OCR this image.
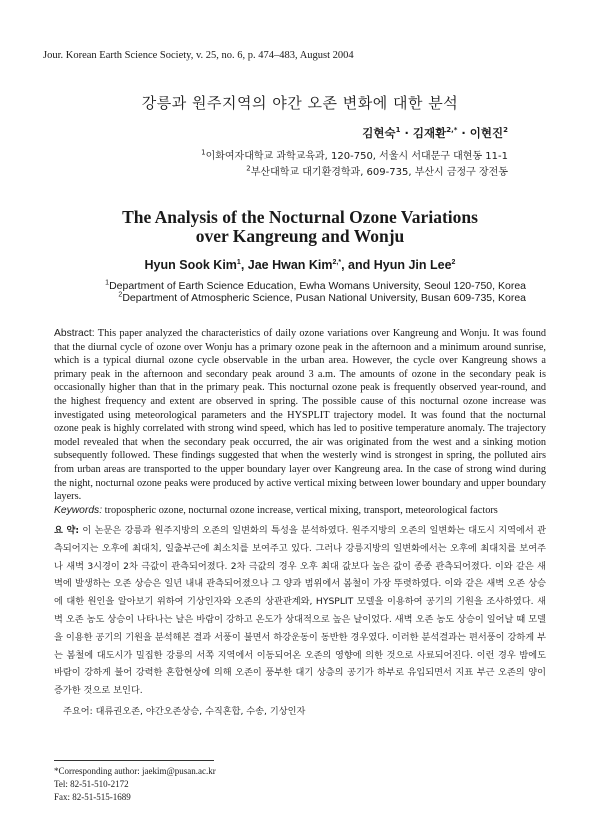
Jour. Korean Earth Science Society, v. 25, no. 6, p. 474–483, August 2004
강릉과 원주지역의 야간 오존 변화에 대한 분석
김현숙$^1$ · 김재환$^{2,*}$ · 이현진$^2$
$^1$이화여자대학교 과학교육과, 120-750, 서울시 서대문구 대현동 11-1
$^2$부산대학교 대기환경학과, 609-735, 부산시 금정구 장전동
The Analysis of the Nocturnal Ozone Variations
over Kangreung and Wonju
Hyun Sook Kim$^1$, Jae Hwan Kim$^{2,*}$, and Hyun Jin Lee$^2$
$^1$Department of Earth Science Education, Ewha Womans University, Seoul 120-750, Korea
$^2$Department of Atmospheric Science, Pusan National University, Busan 609-735, Korea
Abstract: This paper analyzed the characteristics of daily ozone variations over Kangreung and Wonju. It was found that the diurnal cycle of ozone over Wonju has a primary ozone peak in the afternoon and a minimum around sunrise, which is a typical diurnal ozone cycle observable in the urban area. However, the cycle over Kangreung shows a primary peak in the afternoon and secondary peak around 3 a.m. The amounts of ozone in the secondary peak is occasionally higher than that in the primary peak. This nocturnal ozone peak is frequently observed year-round, and the highest frequency and extent are observed in spring. The possible cause of this nocturnal ozone increase was investigated using meteorological parameters and the HYSPLIT trajectory model. It was found that the nocturnal ozone peak is highly correlated with strong wind speed, which has led to positive temperature anomaly. The trajectory model revealed that when the secondary peak occurred, the air was originated from the west and a sinking motion subsequently followed. These findings suggested that when the westerly wind is strongest in spring, the polluted airs from urban areas are transported to the upper boundary layer over Kangreung area. In the case of strong wind during the night, nocturnal ozone peaks were produced by active vertical mixing between lower boundary and upper boundary layers.
Keywords: tropospheric ozone, nocturnal ozone increase, vertical mixing, transport, meteorological factors
요 약: 이 논문은 강릉과 원주지방의 오존의 일변화의 특성을 분석하였다. 원주지방의 오존의 일변화는 대도시 지역에서 관측되어지는 오후에 최대치, 일출부근에 최소치를 보여주고 있다. 그러나 강릉지방의 일변화에서는 오후에 최대치를 보여주나 새벽 3시경이 2차 극값이 관측되어졌다. 2차 극값의 경우 오후 최대 값보다 높은 값이 종종 관측되어졌다. 이와 같은 새벽에 발생하는 오존 상승은 일년 내내 관측되어졌으나 그 양과 범위에서 봄철이 가장 뚜렷하였다. 이와 같은 새벽 오존 상승에 대한 원인을 알아보기 위하여 기상인자와 오존의 상관관계와, HYSPLIT 모델을 이용하여 공기의 기원을 조사하였다. 새벽 오존 농도 상승이 나타나는 날은 바람이 강하고 온도가 상대적으로 높은 날이었다. 새벽 오존 농도 상승이 일어날 때 모델을 이용한 공기의 기원을 분석해본 결과 서풍이 불면서 하강운동이 동반한 경우였다. 이러한 분석결과는 편서풍이 강하게 부는 봄철에 대도시가 밀집한 강릉의 서쪽 지역에서 이동되어온 오존의 영향에 의한 것으로 사료되어진다. 이런 경우 밤에도 바람이 강하게 불어 강력한 혼합현상에 의해 오존이 풍부한 대기 상층의 공기가 하부로 유입되면서 지표 부근 오존의 양이 증가한 것으로 보인다.
주요어: 대류권오존, 야간오존상승, 수직혼합, 수송, 기상인자
*Corresponding author: jaekim@pusan.ac.kr
Tel: 82-51-510-2172
Fax: 82-51-515-1689
